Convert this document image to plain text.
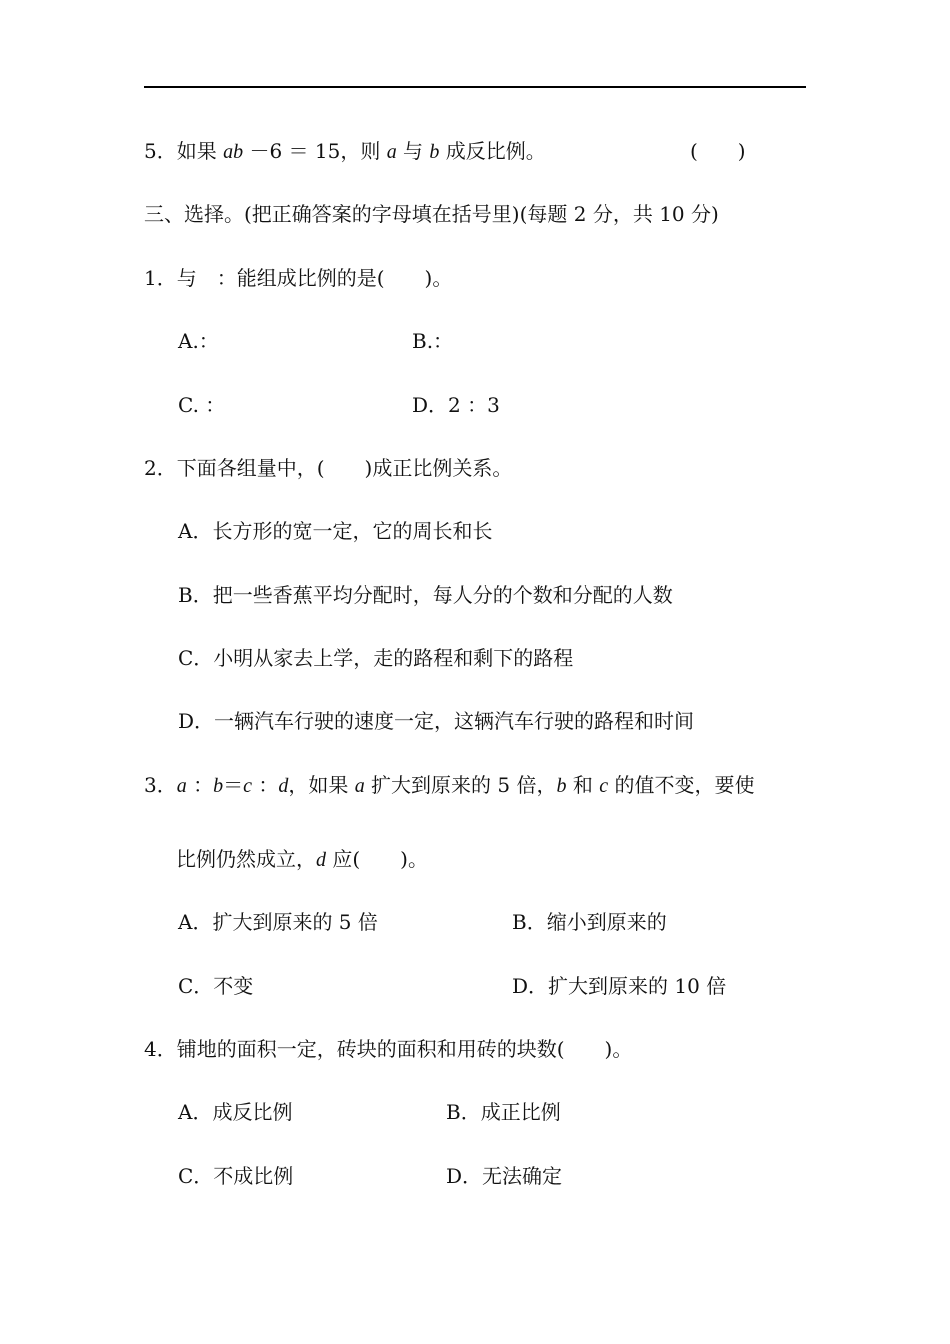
5．如果 ab －6 ＝ 15，则 a 与 b 成反比例。	(　　)
三、选择。(把正确答案的字母填在括号里)(每题 2 分，共 10 分)
1．与　：能组成比例的是(　　)。
A.：	B.：
C. ：	D．2 ：3
2．下面各组量中，(　　)成正比例关系。
A．长方形的宽一定，它的周长和长
B．把一些香蕉平均分配时，每人分的个数和分配的人数
C．小明从家去上学，走的路程和剩下的路程
D．一辆汽车行驶的速度一定，这辆汽车行驶的路程和时间
3．a ：b＝c ：d，如果 a 扩大到原来的 5 倍，b 和 c 的值不变，要使
比例仍然成立，d 应(　　)。
A．扩大到原来的 5 倍	B．缩小到原来的
C．不变	D．扩大到原来的 10 倍
4．铺地的面积一定，砖块的面积和用砖的块数(　　)。
A．成反比例	B．成正比例
C．不成比例	D．无法确定
